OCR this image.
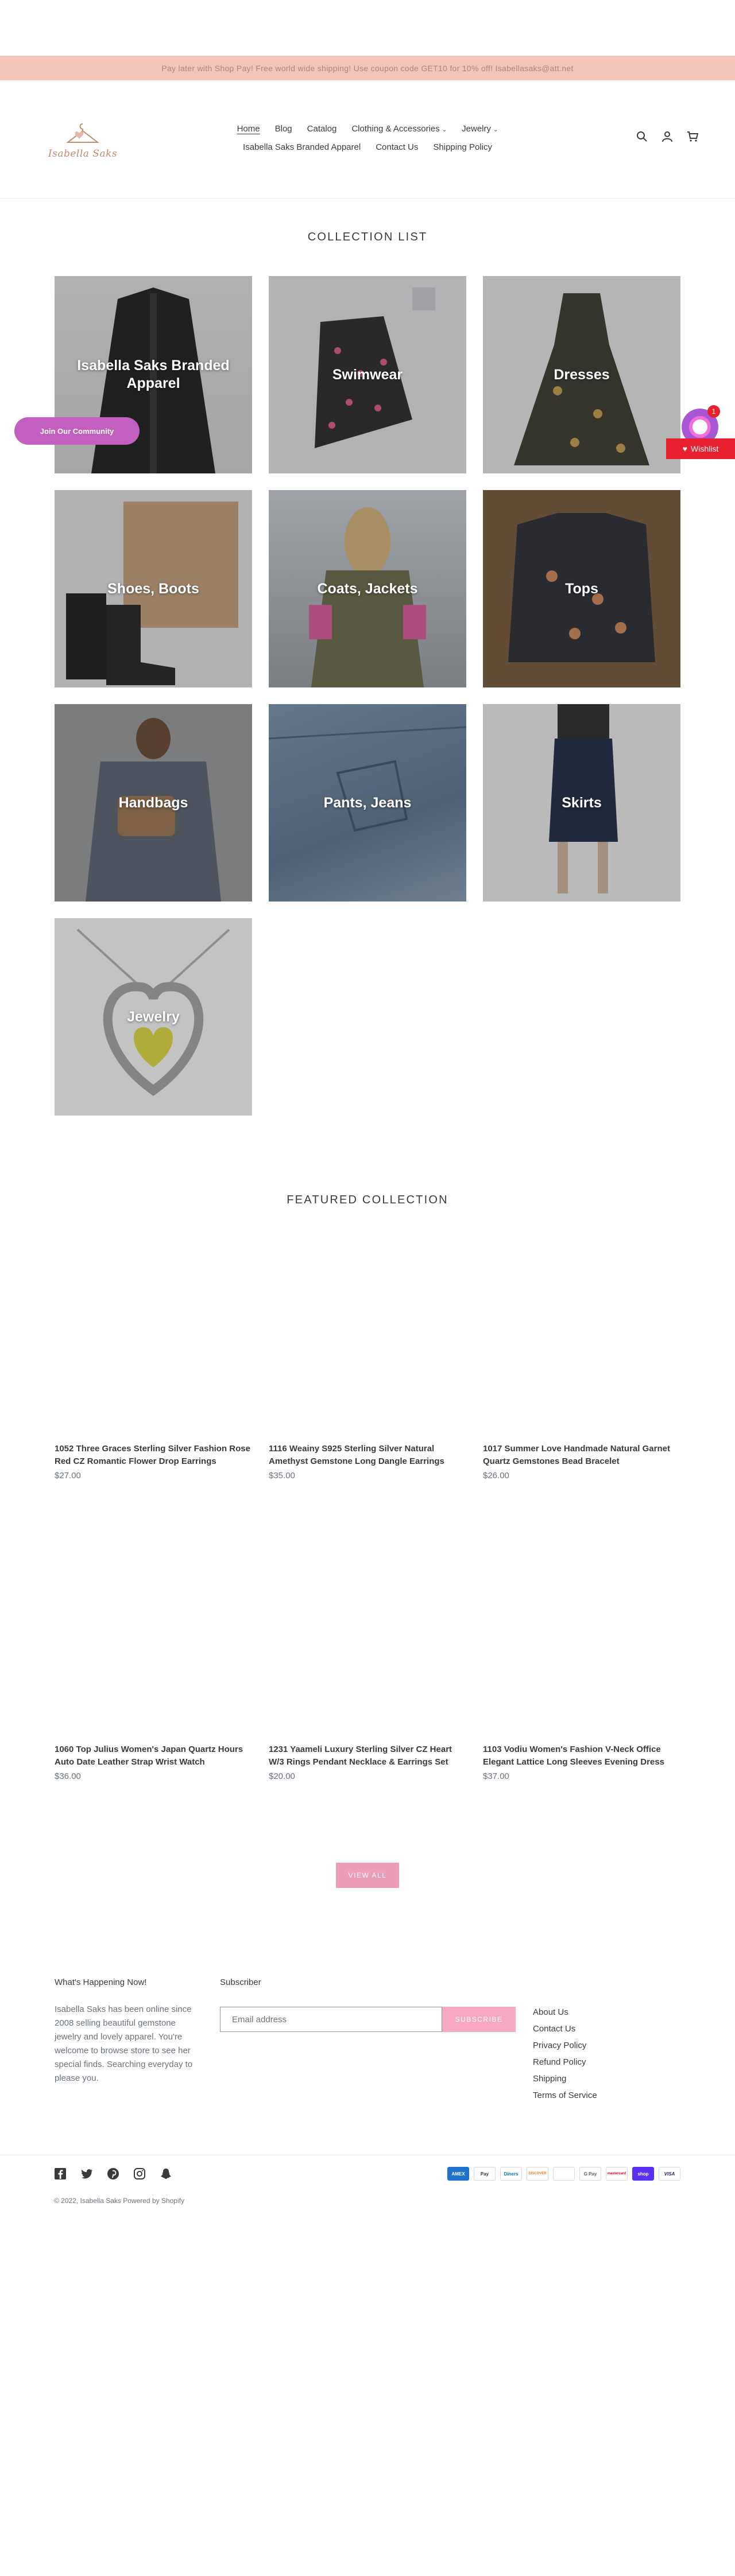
Pay later with Shop Pay! Free world wide shipping! Use coupon code GET10 for 10% off! Isabellasaks@att.net
Isabella Saks
Home Blog Catalog Clothing & Accessories ⌄ Jewelry ⌄
Isabella Saks Branded Apparel Contact Us Shipping Policy
COLLECTION LIST
Isabella Saks Branded Apparel
Swimwear	Dresses
Shoes, Boots	Coats, Jackets	Tops
Handbags	Pants, Jeans	Skirts
Jewelry
FEATURED COLLECTION
1052 Three Graces Sterling Silver Fashion Rose Red CZ Romantic Flower Drop Earrings
$27.00
1116 Weainy S925 Sterling Silver Natural Amethyst Gemstone Long Dangle Earrings
$35.00
1017 Summer Love Handmade Natural Garnet Quartz Gemstones Bead Bracelet
$26.00
1060 Top Julius Women's Japan Quartz Hours Auto Date Leather Strap Wrist Watch
$36.00
1231 Yaameli Luxury Sterling Silver CZ Heart W/3 Rings Pendant Necklace & Earrings Set
$20.00
1103 Vodiu Women's Fashion V-Neck Office Elegant Lattice Long Sleeves Evening Dress
$37.00
VIEW ALL
What's Happening Now!
Isabella Saks has been online since 2008 selling beautiful gemstone jewelry and lovely apparel. You're welcome to browse store to see her special finds. Searching everyday to please you.
Subscriber
Email address	SUBSCRIBE
About Us
Contact Us
Privacy Policy
Refund Policy
Shipping
Terms of Service
© 2022, Isabella Saks Powered by Shopify
AMEX	Pay	Diners	DISCOVER	G Pay	mastercard	shop	VISA
Join Our Community
1
♥ Wishlist
